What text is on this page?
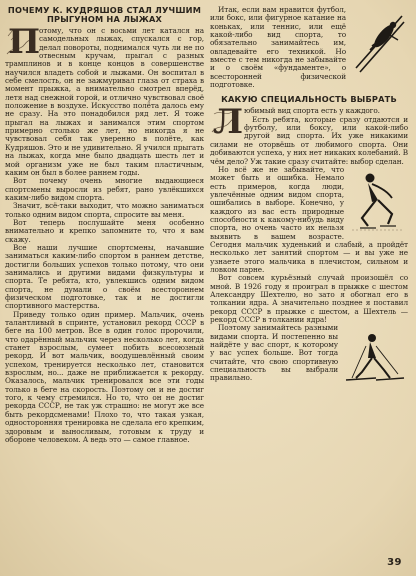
ПОЧЕМУ К. КУДРЯШОВ СТАЛ ЛУЧШИМ ПРЫГУНОМ НА ЛЫЖАХ
П

отому, что он с восьми лет катался на самодельных лыжах, спускался с гор, делал повороты, поднимался чуть ли не по отвесным кручам, прыгал с разных трамплинов и в конце концов в совершенстве научился владеть собой и лыжами. Он воспитал в себе смелость, он не зажмуривал глаза от страха в момент прыжка, а внимательно смотрел вперёд, летя над снежной горой, и отлично чувствовал своё положение в воздухе. Искусство полёта далось ему не сразу. На это понадобился ряд лет. Я тоже прыгал на лыжах и занимался этим спортом примерно столько же лет, но никогда я не чувствовал себя так уверенно в полёте, как Кудряшов. Это и не удивительно. Я учился прыгать на лыжах, когда мне было двадцать шесть лет и мой организм уже не был таким пластичным, каким он был в более раннем годы.

Вот почему очень многие выдающиеся спортсмены выросли из ребят, рано увлёкшихся каким-либо видом спорта.

Значит, всё-таки выходит, что можно заниматься только одним видом спорта, спросите вы меня.

Вот теперь послушайте меня особенно внимательно и крепко запомните то, что я вам скажу.

Все наши лучшие спортсмены, начавшие заниматься каким-либо спортом в раннем детстве, достигли больших успехов только потому, что они занимались и другими видами физкультуры и спорта. Те ребята, кто, увлекшись одним видом спорта, не думали о своём всестороннем физическом подготовке, так и не достигли спортивного мастерства.

Приведу только один пример. Мальчик, очень талантливый в спринте, установил рекорд СССР в беге на 100 метров. Все в один голос пророчили, что одарённый мальчик через несколько лет, когда станет взрослым, сумеет побить всесоюзный рекорд. И вот мальчик, воодушевлённый своим успехом, тренируется несколько лет, становится взрослым, но... даже не приближается к рекорду. Оказалось, мальчик тренировался все эти годы только в беге на скорость. Поэтому он и не достиг того, к чему стремился. Но то, что он не достиг рекорда СССР, не так уж страшно: не могут же все быть рекордсменами! Плохо то, что такая узкая, односторонняя тренировка не сделала его крепким, здоровым и выносливым, готовым к труду и обороне человеком. А ведь это — самое главное.

Итак, если вам нравится футбол, или бокс, или фигурное катание на коньках, или теннис, или ещё какой-либо вид спорта, то обязательно занимайтесь им, овладевайте его техникой. Но вместе с тем никогда не забывайте и о своём «фундаменте», о всесторонней физической подготовке.

КАКУЮ СПЕЦИАЛЬНОСТЬ ВЫБРАТЬ
Л юбимый вид спорта есть у каждого.

Есть ребята, которые сразу отдаются и футболу, или боксу, или какой-либо другой вид спорта. Их уже никакими силами не оторвёшь от любимого спорта. Они добиваются успеха, у них нет никаких колебаний. В чём дело? Уж такие сразу считайте: выбор сделан.

Но всё же не забывайте, что может быть и ошибка. Немало есть примеров, когда люди, увлечённые одним видом спорта, ошибались в выборе. Конечно, у каждого из вас есть природные способности к какому-нибудь виду спорта, но очень часто их нельзя выявить в вашем возрасте. Сегодня мальчик худенький и слабый, а пройдёт несколько лет занятий спортом — и вы уже не узнаете этого мальчика в плечистом, сильном и ловком парне.

Вот совсем курьёзный случай произошёл со мной. В 1926 году я проиграл в прыжке с шестом Александру Шехтелю, но зато я обогнал его в толкании ядра. А значительно позднее я поставил рекорд СССР в прыжке с шестом, а Шехтель — рекорд СССР в толкании ядра!

Поэтому занимайтесь разными видами спорта. И постепенно вы найдёте у вас спорт, к которому у вас успех больше. Вот тогда считайте, что свою спортивную специальность вы выбрали правильно.

39
